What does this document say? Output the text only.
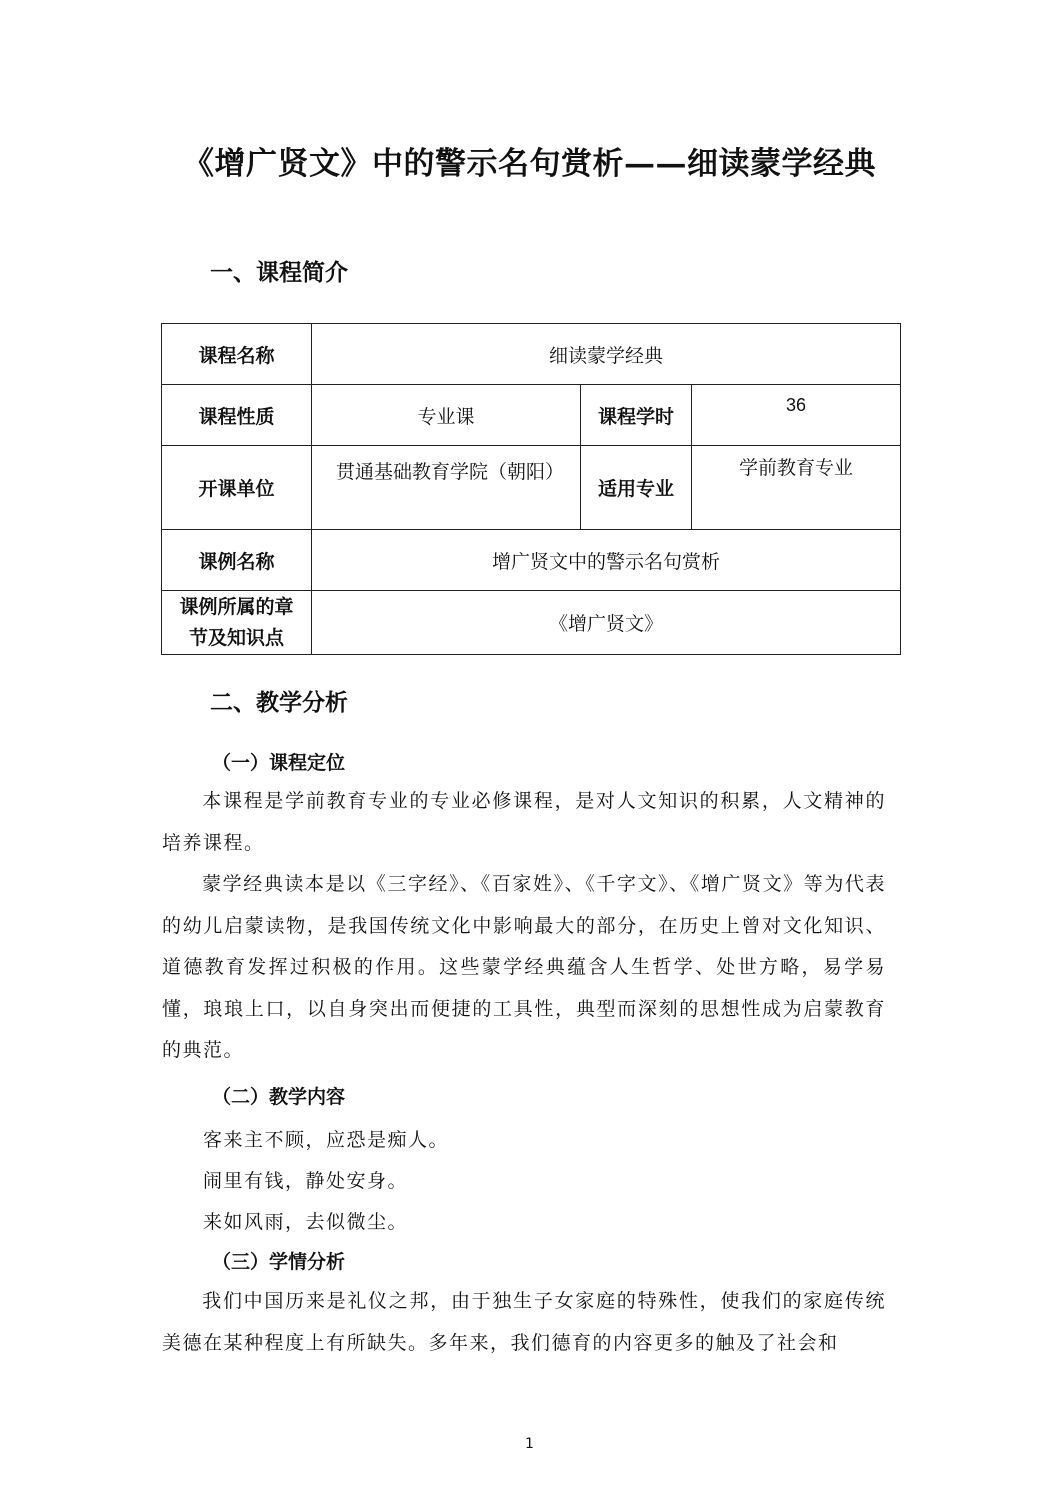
《增广贤文》中的警示名句赏析——细读蒙学经典
一、课程简介
课程名称	细读蒙学经典		
课程性质	专业课	课程学时	36
开课单位	贯通基础教育学院（朝阳）	适用专业	学前教育专业
课例名称	增广贤文中的警示名句赏析		
课例所属的章节及知识点	《增广贤文》		
二、教学分析
（一）课程定位
本课程是学前教育专业的专业必修课程，是对人文知识的积累，人文精神的培养课程。
蒙学经典读本是以《三字经》、《百家姓》、《千字文》、《增广贤文》等为代表的幼儿启蒙读物，是我国传统文化中影响最大的部分，在历史上曾对文化知识、道德教育发挥过积极的作用。这些蒙学经典蕴含人生哲学、处世方略，易学易懂，琅琅上口，以自身突出而便捷的工具性，典型而深刻的思想性成为启蒙教育的典范。
（二）教学内容
客来主不顾，应恐是痴人。
闹里有钱，静处安身。
来如风雨，去似微尘。
（三）学情分析
我们中国历来是礼仪之邦，由于独生子女家庭的特殊性，使我们的家庭传统美德在某种程度上有所缺失。多年来，我们德育的内容更多的触及了社会和
1
